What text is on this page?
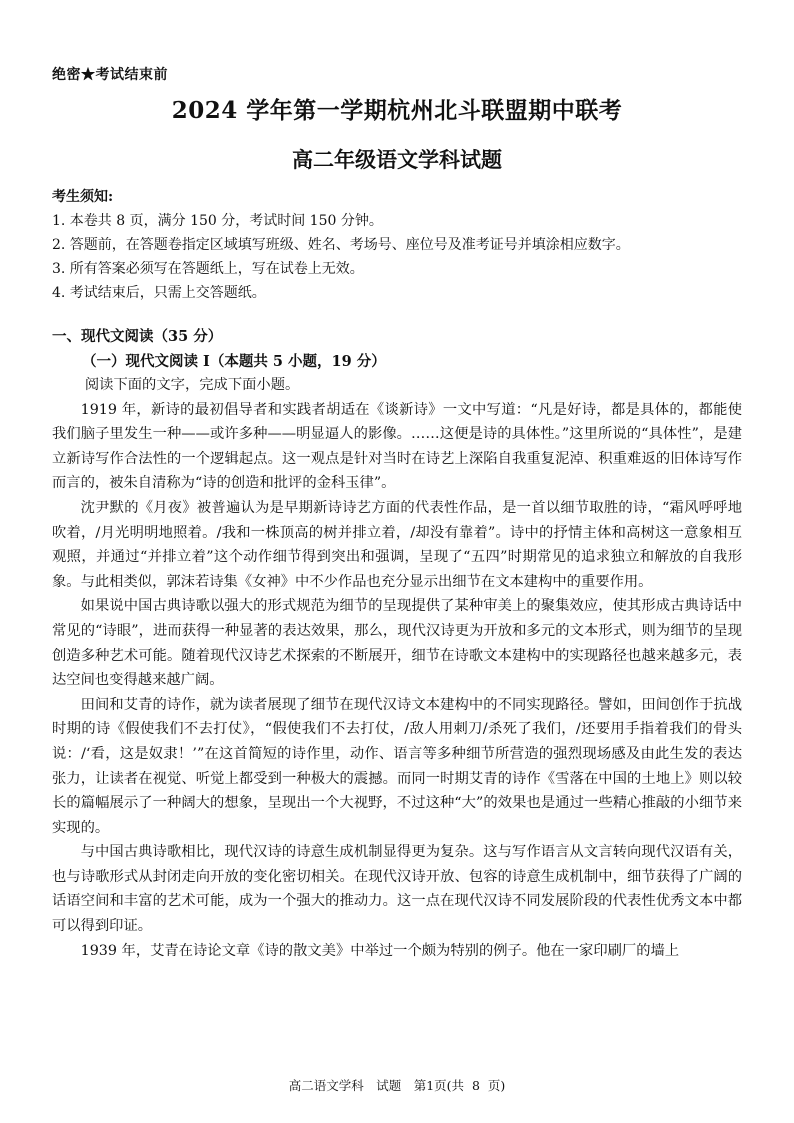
绝密★考试结束前
2024 学年第一学期杭州北斗联盟期中联考
高二年级语文学科试题
考生须知:
1. 本卷共 8 页，满分 150 分，考试时间 150 分钟。
2. 答题前，在答题卷指定区域填写班级、姓名、考场号、座位号及准考证号并填涂相应数字。
3. 所有答案必须写在答题纸上，写在试卷上无效。
4. 考试结束后，只需上交答题纸。
一、现代文阅读（35 分）
（一）现代文阅读 I（本题共 5 小题，19 分）

阅读下面的文字，完成下面小题。

1919 年，新诗的最初倡导者和实践者胡适在《谈新诗》一文中写道：“凡是好诗，都是具体的，都能使我们脑子里发生一种——或许多种——明显逼人的影像。……这便是诗的具体性。”这里所说的“具体性”，是建立新诗写作合法性的一个逻辑起点。这一观点是针对当时在诗艺上深陷自我重复泥淖、积重难返的旧体诗写作而言的，被朱自清称为“诗的创造和批评的金科玉律”。

沈尹默的《月夜》被普遍认为是早期新诗诗艺方面的代表性作品，是一首以细节取胜的诗，“霜风呼呼地吹着，/月光明明地照着。/我和一株顶高的树并排立着，/却没有靠着”。诗中的抒情主体和高树这一意象相互观照，并通过“并排立着”这个动作细节得到突出和强调，呈现了“五四”时期常见的追求独立和解放的自我形象。与此相类似，郭沫若诗集《女神》中不少作品也充分显示出细节在文本建构中的重要作用。

如果说中国古典诗歌以强大的形式规范为细节的呈现提供了某种审美上的聚集效应，使其形成古典诗话中常见的“诗眼”，进而获得一种显著的表达效果，那么，现代汉诗更为开放和多元的文本形式，则为细节的呈现创造多种艺术可能。随着现代汉诗艺术探索的不断展开，细节在诗歌文本建构中的实现路径也越来越多元，表达空间也变得越来越广阔。

田间和艾青的诗作，就为读者展现了细节在现代汉诗文本建构中的不同实现路径。譬如，田间创作于抗战时期的诗《假使我们不去打仗》，“假使我们不去打仗，/敌人用刺刀/杀死了我们，/还要用手指着我们的骨头说：/‘看，这是奴隶！’”在这首简短的诗作里，动作、语言等多种细节所营造的强烈现场感及由此生发的表达张力，让读者在视觉、听觉上都受到一种极大的震撼。而同一时期艾青的诗作《雪落在中国的土地上》则以较长的篇幅展示了一种阔大的想象，呈现出一个大视野，不过这种“大”的效果也是通过一些精心推敲的小细节来实现的。

与中国古典诗歌相比，现代汉诗的诗意生成机制显得更为复杂。这与写作语言从文言转向现代汉语有关，也与诗歌形式从封闭走向开放的变化密切相关。在现代汉诗开放、包容的诗意生成机制中，细节获得了广阔的话语空间和丰富的艺术可能，成为一个强大的推动力。这一点在现代汉诗不同发展阶段的代表性优秀文本中都可以得到印证。

1939 年，艾青在诗论文章《诗的散文美》中举过一个颇为特别的例子。他在一家印刷厂的墙上

高二语文学科　试题　第1页(共 8 页)
